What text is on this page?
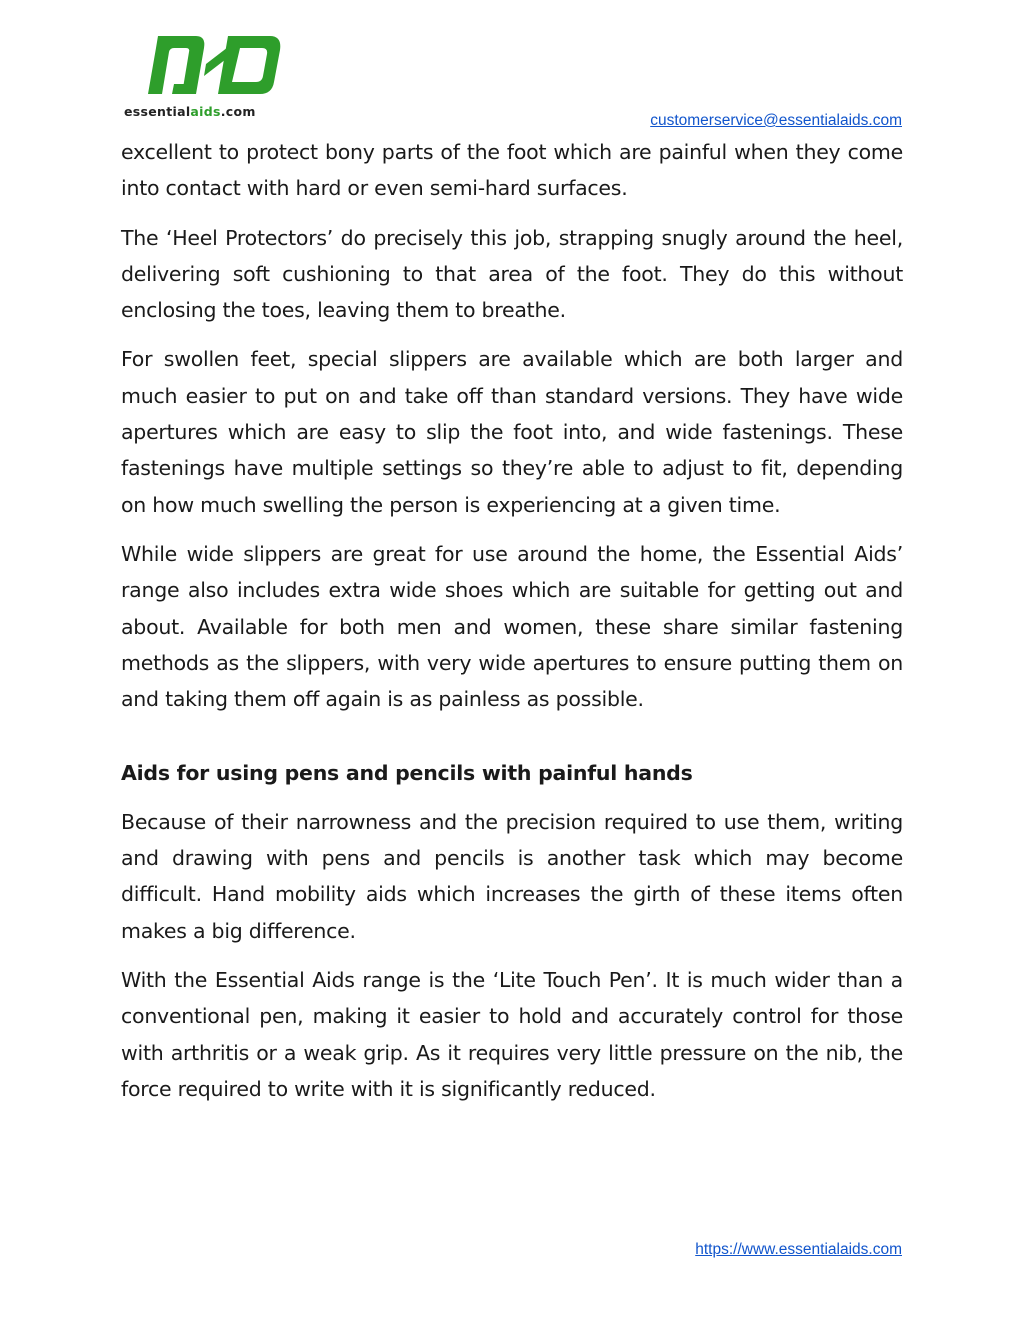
essentialaids.com
customerservice@essentialaids.com

excellent to protect bony parts of the foot which are painful when they come into contact with hard or even semi-hard surfaces.

The ‘Heel Protectors’ do precisely this job, strapping snugly around the heel, delivering soft cushioning to that area of the foot. They do this without enclosing the toes, leaving them to breathe.

For swollen feet, special slippers are available which are both larger and much easier to put on and take off than standard versions. They have wide apertures which are easy to slip the foot into, and wide fastenings. These fastenings have multiple settings so they’re able to adjust to fit, depending on how much swelling the person is experiencing at a given time.

While wide slippers are great for use around the home, the Essential Aids’ range also includes extra wide shoes which are suitable for getting out and about. Available for both men and women, these share similar fastening methods as the slippers, with very wide apertures to ensure putting them on and taking them off again is as painless as possible.

Aids for using pens and pencils with painful hands

Because of their narrowness and the precision required to use them, writing and drawing with pens and pencils is another task which may become difficult. Hand mobility aids which increases the girth of these items often makes a big difference.

With the Essential Aids range is the ‘Lite Touch Pen’. It is much wider than a conventional pen, making it easier to hold and accurately control for those with arthritis or a weak grip. As it requires very little pressure on the nib, the force required to write with it is significantly reduced.

https://www.essentialaids.com
